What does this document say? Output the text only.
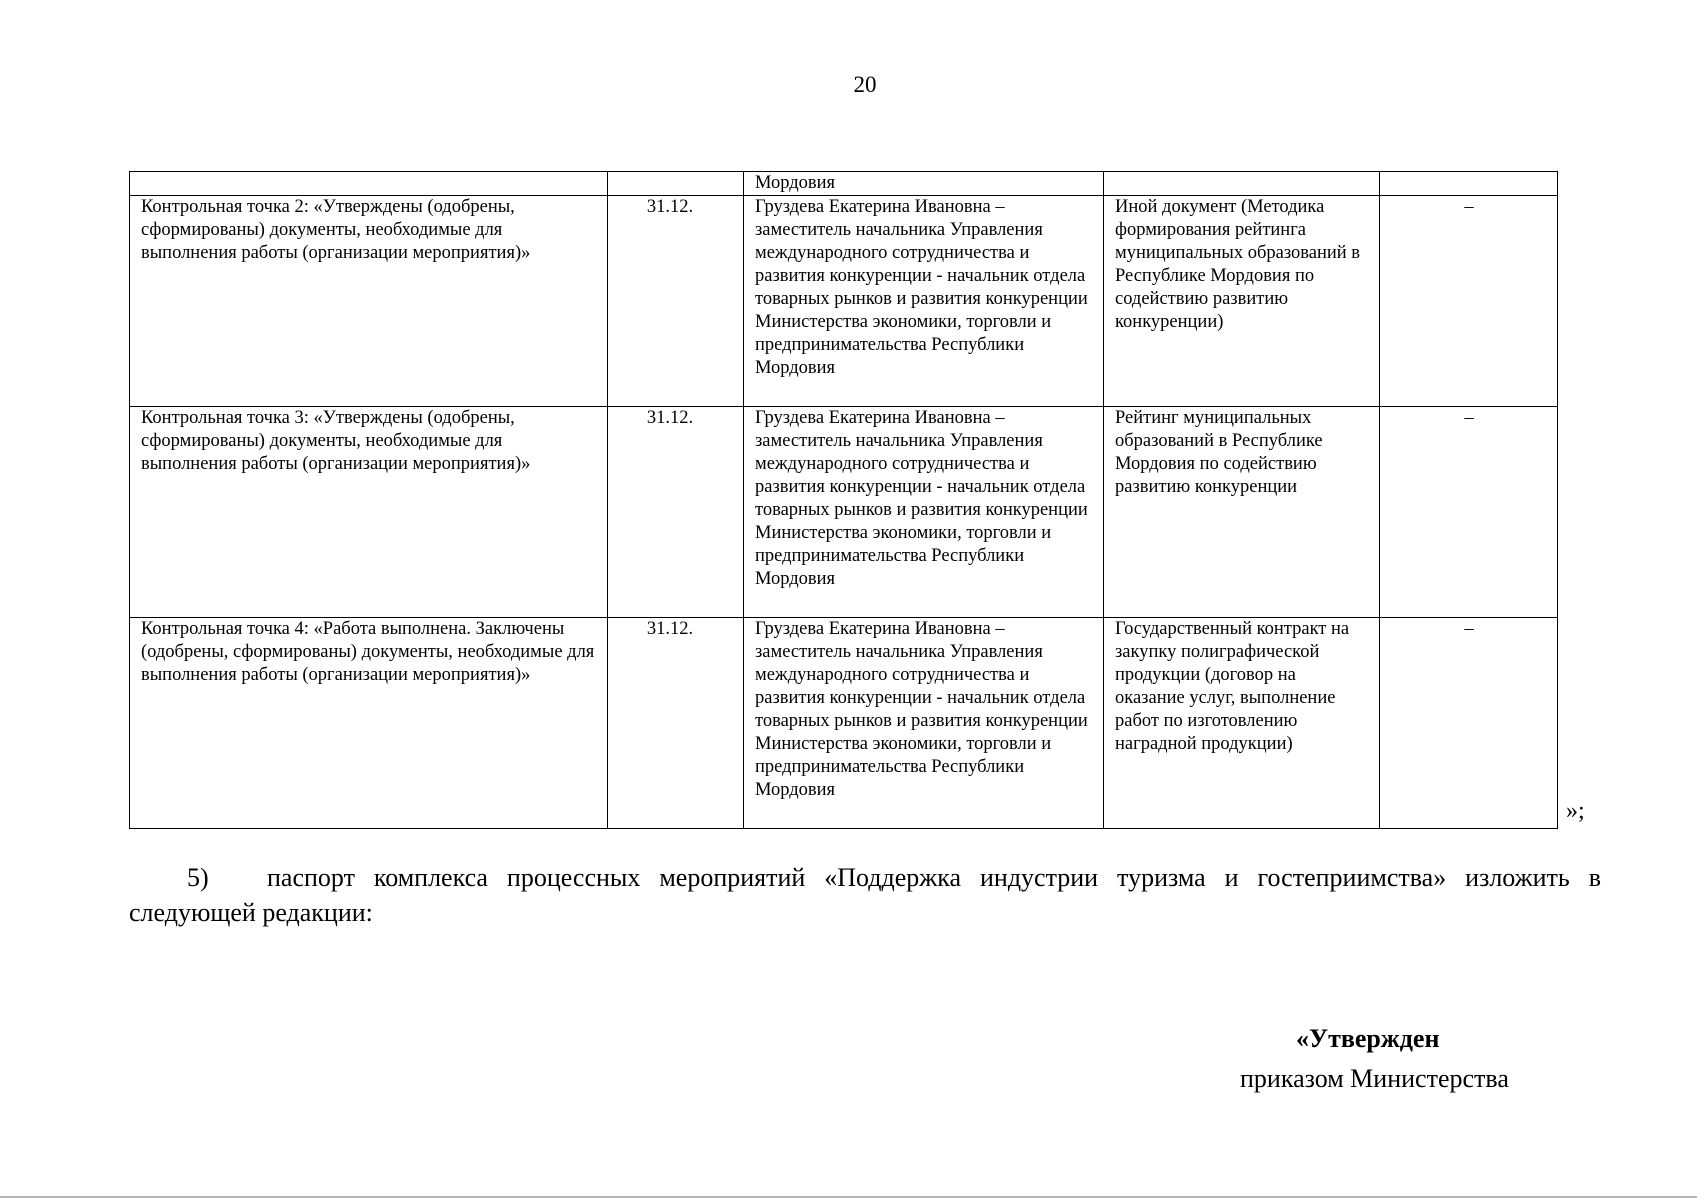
20
		Мордовия		
Контрольная точка 2: «Утверждены (одобрены, сформированы) документы, необходимые для выполнения работы (организации мероприятия)»	31.12.	Груздева Екатерина Ивановна – заместитель начальника Управления международного сотрудничества и развития конкуренции - начальник отдела товарных рынков и развития конкуренции Министерства экономики, торговли и предпринимательства Республики Мордовия	Иной документ (Методика формирования рейтинга муниципальных образований в Республике Мордовия по содействию развитию конкуренции)	–
Контрольная точка 3: «Утверждены (одобрены, сформированы) документы, необходимые для выполнения работы (организации мероприятия)»	31.12.	Груздева Екатерина Ивановна – заместитель начальника Управления международного сотрудничества и развития конкуренции - начальник отдела товарных рынков и развития конкуренции Министерства экономики, торговли и предпринимательства Республики Мордовия	Рейтинг муниципальных образований в Республике Мордовия по содействию развитию конкуренции	–
Контрольная точка 4: «Работа выполнена. Заключены (одобрены, сформированы) документы, необходимые для выполнения работы (организации мероприятия)»	31.12.	Груздева Екатерина Ивановна – заместитель начальника Управления международного сотрудничества и развития конкуренции - начальник отдела товарных рынков и развития конкуренции Министерства экономики, торговли и предпринимательства Республики Мордовия	Государственный контракт на закупку полиграфической продукции (договор на оказание услуг, выполнение работ по изготовлению наградной продукции)	–
»;
5) паспорт комплекса процессных мероприятий «Поддержка индустрии туризма и гостеприимства» изложить в следующей редакции:
«Утвержден
приказом Министерства
